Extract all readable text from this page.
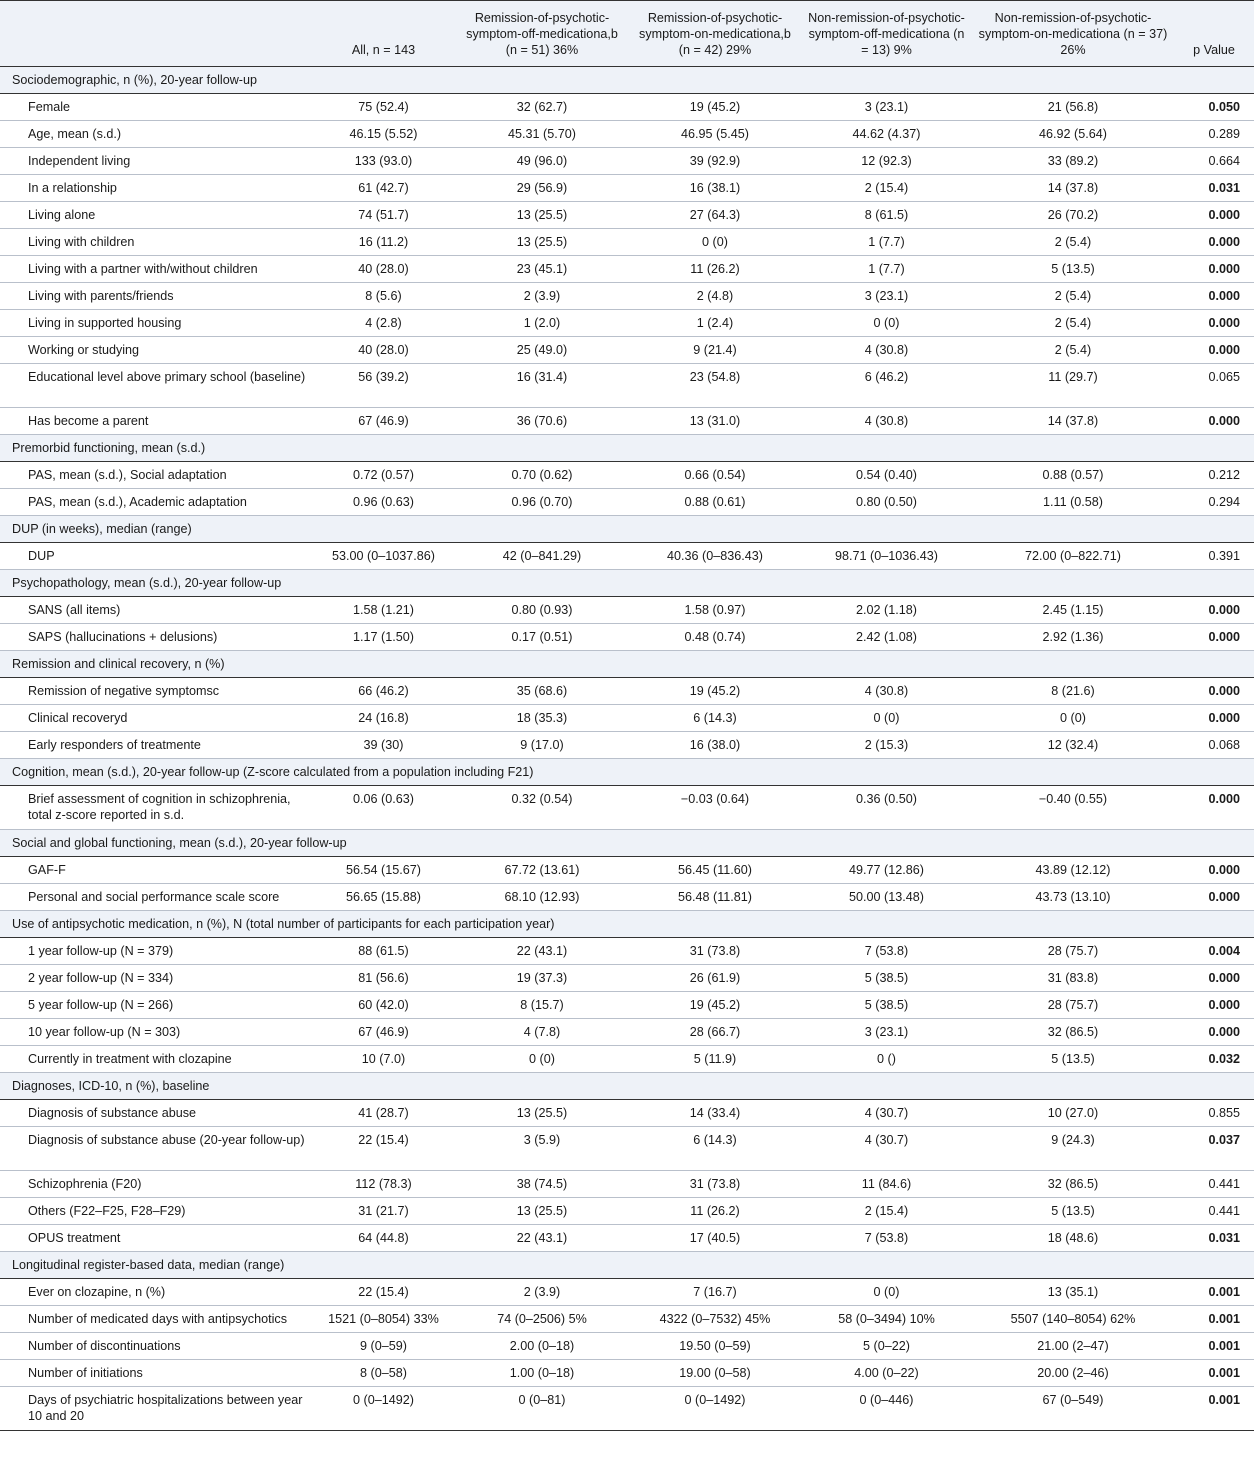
	All, n = 143	Remission-of-psychotic-symptom-off-medicationa,b (n = 51) 36%	Remission-of-psychotic-symptom-on-medicationa,b (n = 42) 29%	Non-remission-of-psychotic-symptom-off-medicationa (n = 13) 9%	Non-remission-of-psychotic-symptom-on-medicationa (n = 37) 26%	p Value
Sociodemographic, n (%), 20-year follow-up						
Female	75 (52.4)	32 (62.7)	19 (45.2)	3 (23.1)	21 (56.8)	0.050
Age, mean (s.d.)	46.15 (5.52)	45.31 (5.70)	46.95 (5.45)	44.62 (4.37)	46.92 (5.64)	0.289
Independent living	133 (93.0)	49 (96.0)	39 (92.9)	12 (92.3)	33 (89.2)	0.664
In a relationship	61 (42.7)	29 (56.9)	16 (38.1)	2 (15.4)	14 (37.8)	0.031
Living alone	74 (51.7)	13 (25.5)	27 (64.3)	8 (61.5)	26 (70.2)	0.000
Living with children	16 (11.2)	13 (25.5)	0 (0)	1 (7.7)	2 (5.4)	0.000
Living with a partner with/without children	40 (28.0)	23 (45.1)	11 (26.2)	1 (7.7)	5 (13.5)	0.000
Living with parents/friends	8 (5.6)	2 (3.9)	2 (4.8)	3 (23.1)	2 (5.4)	0.000
Living in supported housing	4 (2.8)	1 (2.0)	1 (2.4)	0 (0)	2 (5.4)	0.000
Working or studying	40 (28.0)	25 (49.0)	9 (21.4)	4 (30.8)	2 (5.4)	0.000
Educational level above primary school (baseline)	56 (39.2)	16 (31.4)	23 (54.8)	6 (46.2)	11 (29.7)	0.065
Has become a parent	67 (46.9)	36 (70.6)	13 (31.0)	4 (30.8)	14 (37.8)	0.000
Premorbid functioning, mean (s.d.)						
PAS, mean (s.d.), Social adaptation	0.72 (0.57)	0.70 (0.62)	0.66 (0.54)	0.54 (0.40)	0.88 (0.57)	0.212
PAS, mean (s.d.), Academic adaptation	0.96 (0.63)	0.96 (0.70)	0.88 (0.61)	0.80 (0.50)	1.11 (0.58)	0.294
DUP (in weeks), median (range)						
DUP	53.00 (0–1037.86)	42 (0–841.29)	40.36 (0–836.43)	98.71 (0–1036.43)	72.00 (0–822.71)	0.391
Psychopathology, mean (s.d.), 20-year follow-up						
SANS (all items)	1.58 (1.21)	0.80 (0.93)	1.58 (0.97)	2.02 (1.18)	2.45 (1.15)	0.000
SAPS (hallucinations + delusions)	1.17 (1.50)	0.17 (0.51)	0.48 (0.74)	2.42 (1.08)	2.92 (1.36)	0.000
Remission and clinical recovery, n (%)						
Remission of negative symptomsc	66 (46.2)	35 (68.6)	19 (45.2)	4 (30.8)	8 (21.6)	0.000
Clinical recoveryd	24 (16.8)	18 (35.3)	6 (14.3)	0 (0)	0 (0)	0.000
Early responders of treatmente	39 (30)	9 (17.0)	16 (38.0)	2 (15.3)	12 (32.4)	0.068
Cognition, mean (s.d.), 20-year follow-up (Z-score calculated from a population including F21)						
Brief assessment of cognition in schizophrenia, total z-score reported in s.d.	0.06 (0.63)	0.32 (0.54)	−0.03 (0.64)	0.36 (0.50)	−0.40 (0.55)	0.000
Social and global functioning, mean (s.d.), 20-year follow-up						
GAF-F	56.54 (15.67)	67.72 (13.61)	56.45 (11.60)	49.77 (12.86)	43.89 (12.12)	0.000
Personal and social performance scale score	56.65 (15.88)	68.10 (12.93)	56.48 (11.81)	50.00 (13.48)	43.73 (13.10)	0.000
Use of antipsychotic medication, n (%), N (total number of participants for each participation year)						
1 year follow-up (N = 379)	88 (61.5)	22 (43.1)	31 (73.8)	7 (53.8)	28 (75.7)	0.004
2 year follow-up (N = 334)	81 (56.6)	19 (37.3)	26 (61.9)	5 (38.5)	31 (83.8)	0.000
5 year follow-up (N = 266)	60 (42.0)	8 (15.7)	19 (45.2)	5 (38.5)	28 (75.7)	0.000
10 year follow-up (N = 303)	67 (46.9)	4 (7.8)	28 (66.7)	3 (23.1)	32 (86.5)	0.000
Currently in treatment with clozapine	10 (7.0)	0 (0)	5 (11.9)	0 ()	5 (13.5)	0.032
Diagnoses, ICD-10, n (%), baseline						
Diagnosis of substance abuse	41 (28.7)	13 (25.5)	14 (33.4)	4 (30.7)	10 (27.0)	0.855
Diagnosis of substance abuse (20-year follow-up)	22 (15.4)	3 (5.9)	6 (14.3)	4 (30.7)	9 (24.3)	0.037
Schizophrenia (F20)	112 (78.3)	38 (74.5)	31 (73.8)	11 (84.6)	32 (86.5)	0.441
Others (F22–F25, F28–F29)	31 (21.7)	13 (25.5)	11 (26.2)	2 (15.4)	5 (13.5)	0.441
OPUS treatment	64 (44.8)	22 (43.1)	17 (40.5)	7 (53.8)	18 (48.6)	0.031
Longitudinal register-based data, median (range)						
Ever on clozapine, n (%)	22 (15.4)	2 (3.9)	7 (16.7)	0 (0)	13 (35.1)	0.001
Number of medicated days with antipsychotics	1521 (0–8054) 33%	74 (0–2506) 5%	4322 (0–7532) 45%	58 (0–3494) 10%	5507 (140–8054) 62%	0.001
Number of discontinuations	9 (0–59)	2.00 (0–18)	19.50 (0–59)	5 (0–22)	21.00 (2–47)	0.001
Number of initiations	8 (0–58)	1.00 (0–18)	19.00 (0–58)	4.00 (0–22)	20.00 (2–46)	0.001
Days of psychiatric hospitalizations between year 10 and 20	0 (0–1492)	0 (0–81)	0 (0–1492)	0 (0–446)	67 (0–549)	0.001
